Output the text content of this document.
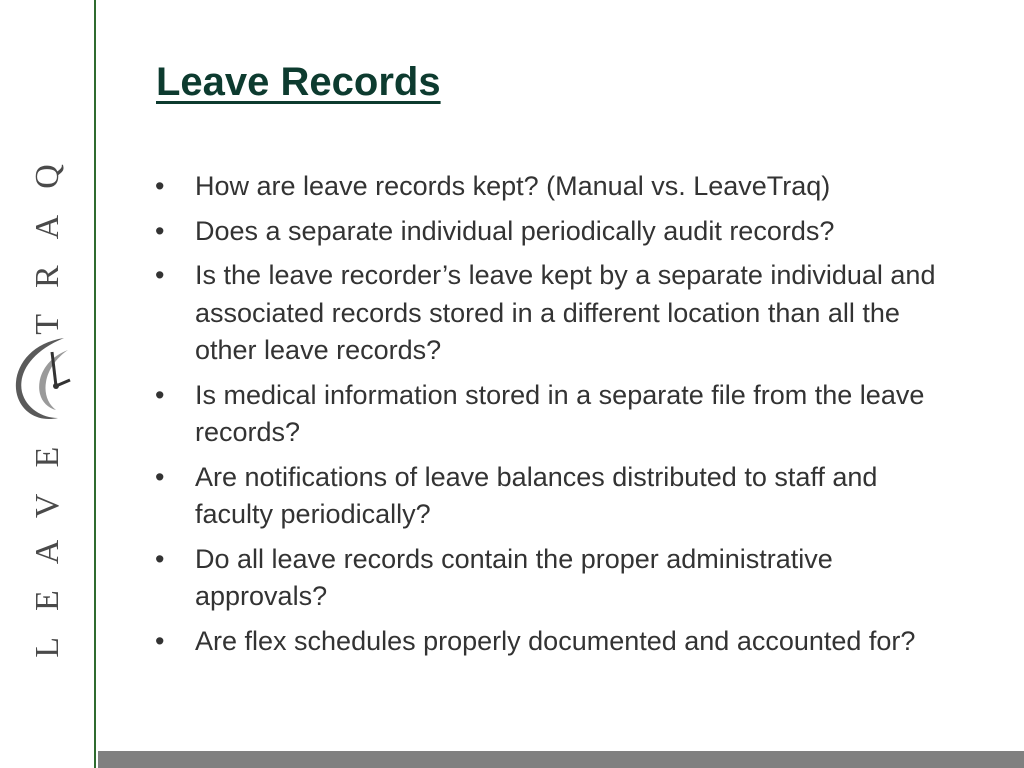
LEAVE
TRAQ
Leave Records
•	How are leave records kept? (Manual vs. LeaveTraq)
•	Does a separate individual periodically audit records?
•	Is the leave recorder’s leave kept by a separate individual and associated records stored in a different location than all the other leave records?
•	Is medical information stored in a separate file from the leave records?
•	Are notifications of leave balances distributed to staff and faculty periodically?
•	Do all leave records contain the proper administrative approvals?
•	Are flex schedules properly documented and accounted for?
